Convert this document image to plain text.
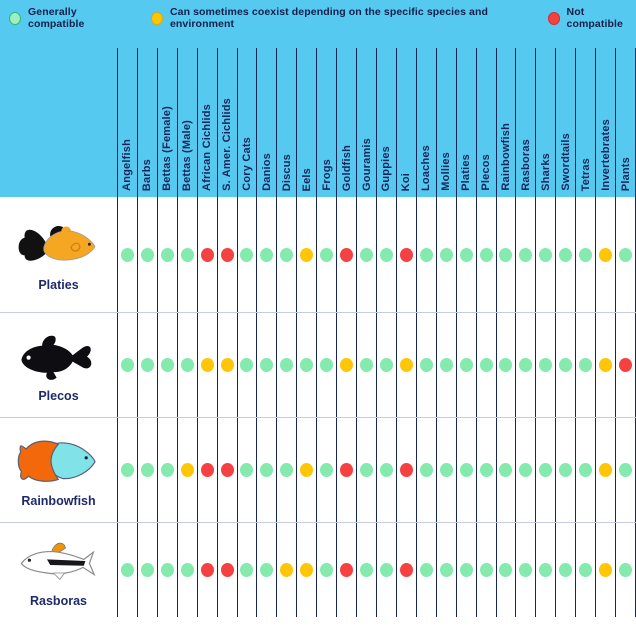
Generally compatible
Can sometimes coexist depending on the specific species and environment
Not compatible
Angelfish Barbs Bettas (Female) Bettas (Male) African Cichlids S. Amer. Cichlids Cory Cats Danios Discus Eels Frogs Goldfish Gouramis Guppies Koi Loaches Mollies Platies Plecos Rainbowfish Rasboras Sharks Swordtails Tetras Invertebrates Plants
Platies
Plecos
Rainbowfish
Rasboras
